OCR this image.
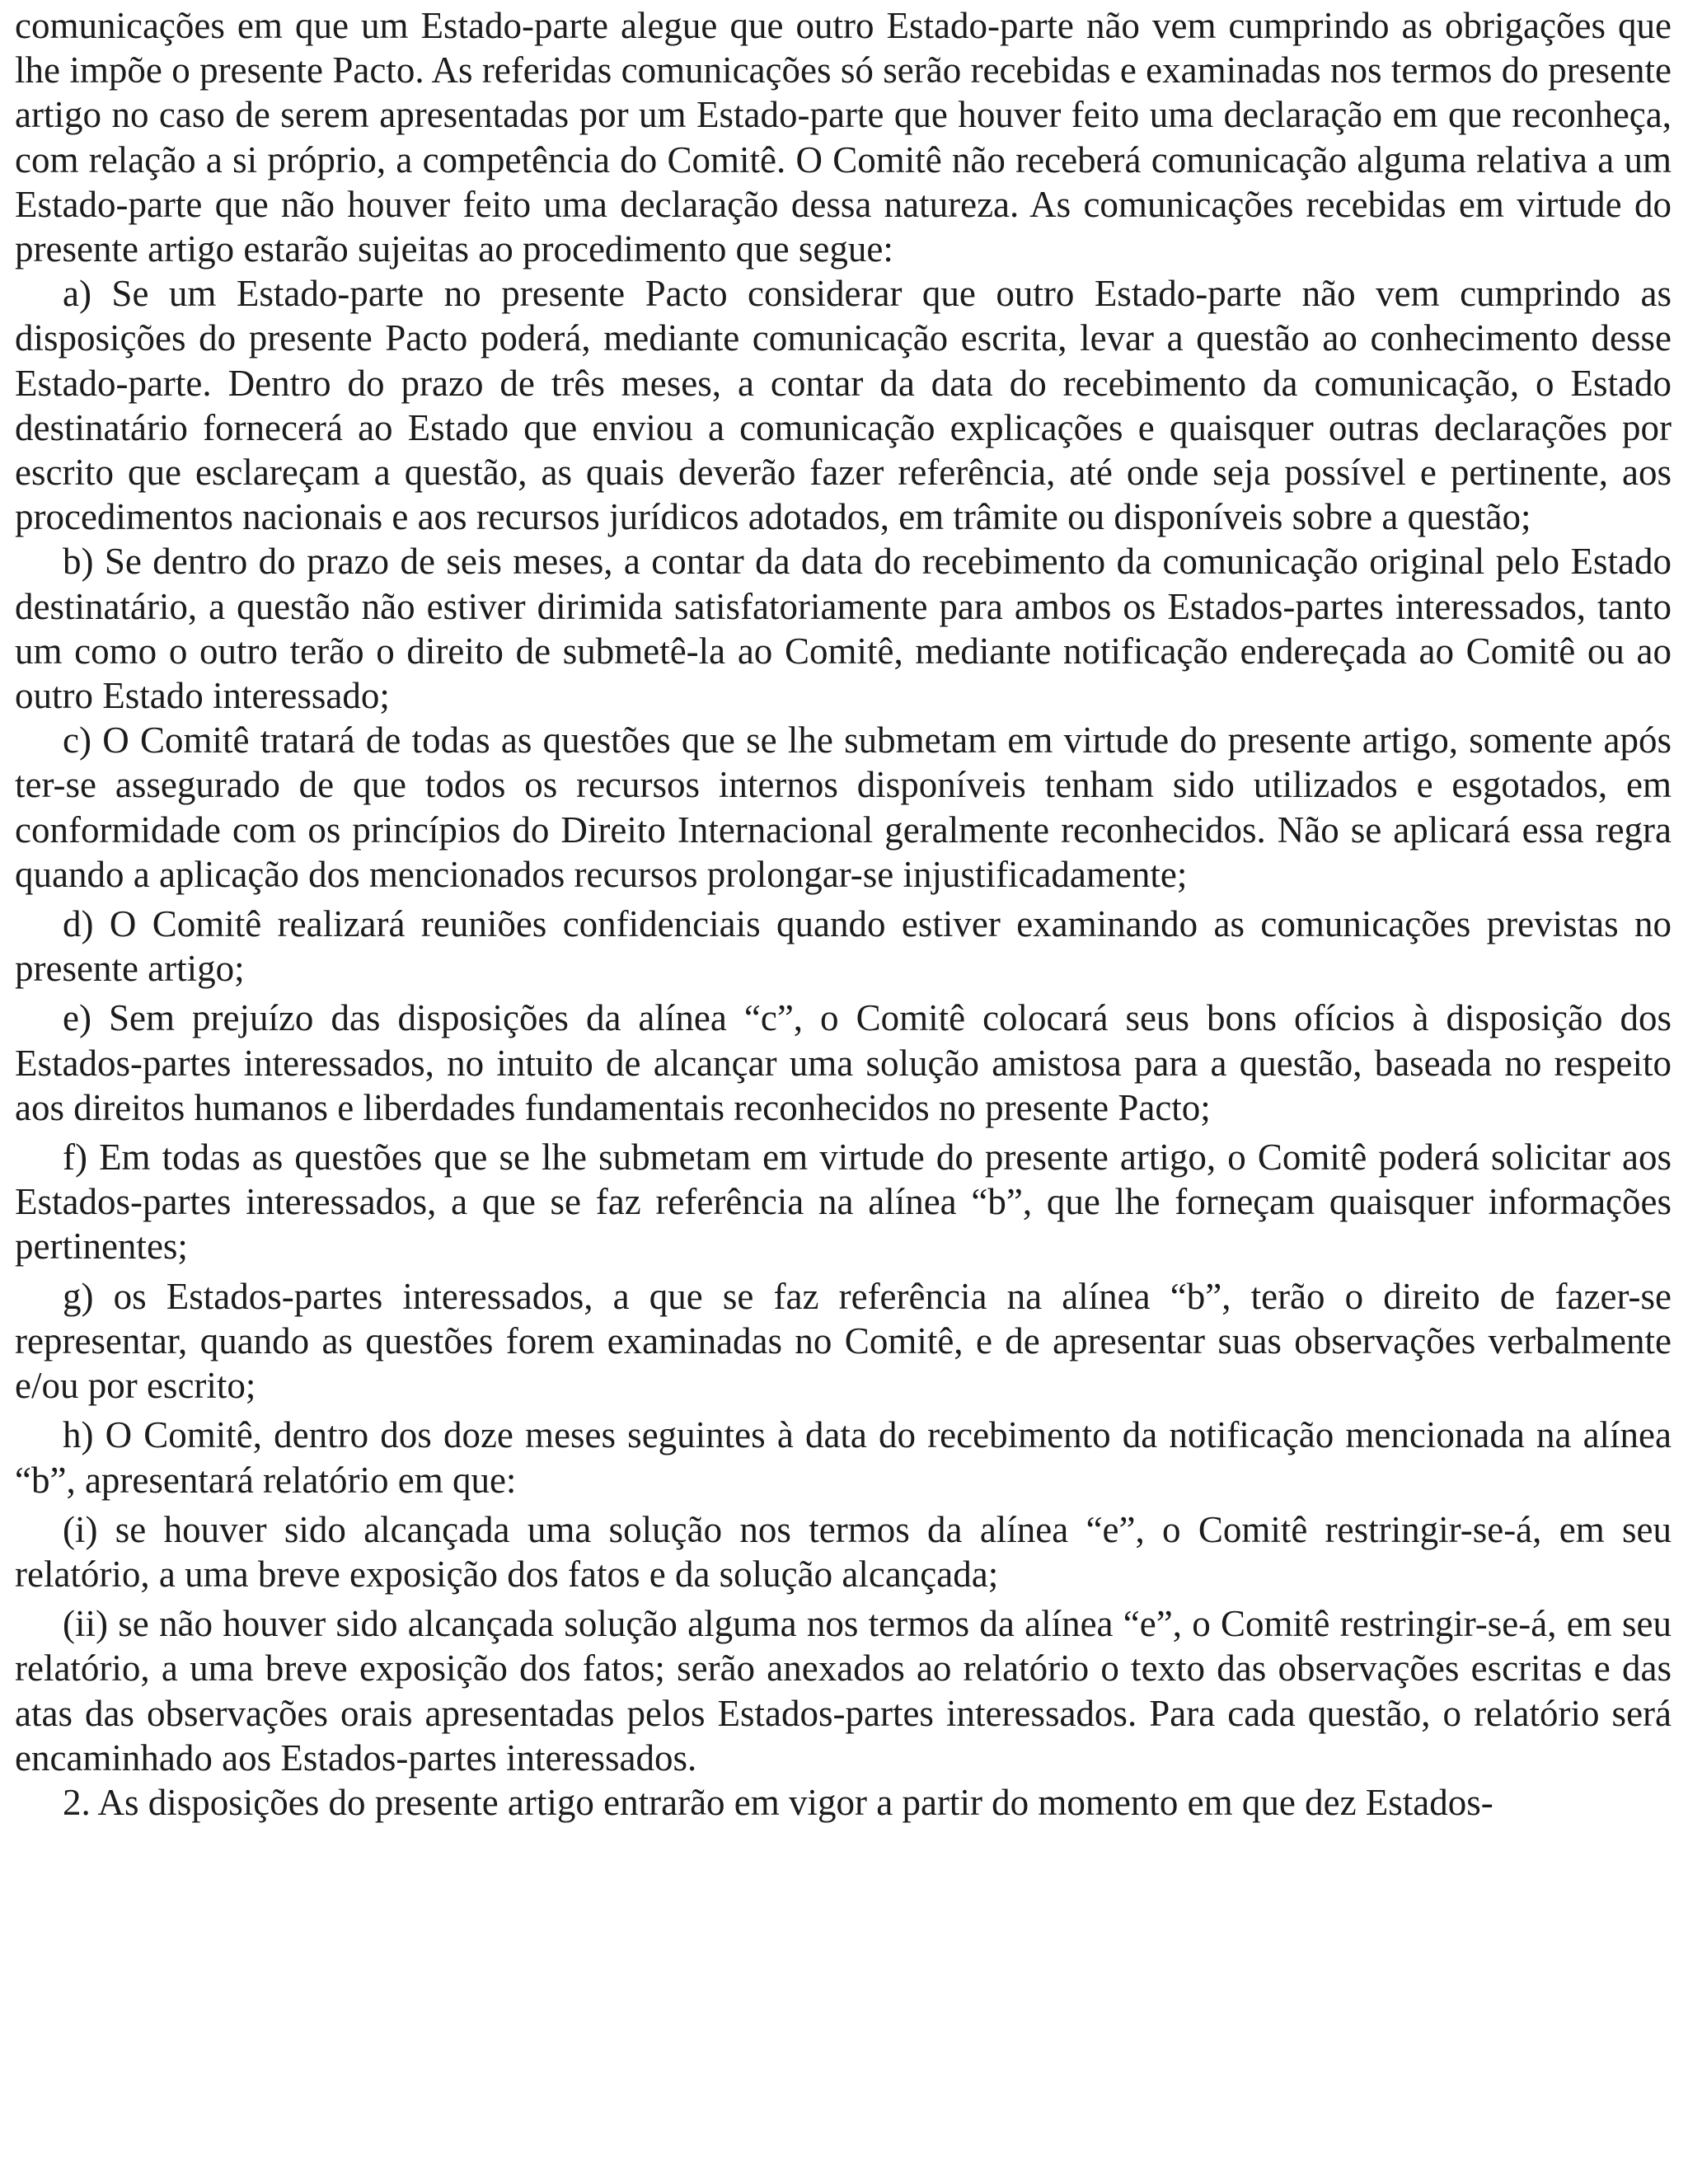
comunicações em que um Estado-parte alegue que outro Estado-parte não vem cumprindo as obrigações que lhe impõe o presente Pacto. As referidas comunicações só serão recebidas e examinadas nos termos do presente artigo no caso de serem apresentadas por um Estado-parte que houver feito uma declaração em que reconheça, com relação a si próprio, a competência do Comitê. O Comitê não receberá comunicação alguma relativa a um Estado-parte que não houver feito uma declaração dessa natureza. As comunicações recebidas em virtude do presente artigo estarão sujeitas ao procedimento que segue:

a) Se um Estado-parte no presente Pacto considerar que outro Estado-parte não vem cumprindo as disposições do presente Pacto poderá, mediante comunicação escrita, levar a questão ao conhecimento desse Estado-parte. Dentro do prazo de três meses, a contar da data do recebimento da comunicação, o Estado destinatário fornecerá ao Estado que enviou a comunicação explicações e quaisquer outras declarações por escrito que esclareçam a questão, as quais deverão fazer referência, até onde seja possível e pertinente, aos procedimentos nacionais e aos recursos jurídicos adotados, em trâmite ou disponíveis sobre a questão;

b) Se dentro do prazo de seis meses, a contar da data do recebimento da comunicação original pelo Estado destinatário, a questão não estiver dirimida satisfatoriamente para ambos os Estados-partes interessados, tanto um como o outro terão o direito de submetê-la ao Comitê, mediante notificação endereçada ao Comitê ou ao outro Estado interessado;

c) O Comitê tratará de todas as questões que se lhe submetam em virtude do presente artigo, somente após ter-se assegurado de que todos os recursos internos disponíveis tenham sido utilizados e esgotados, em conformidade com os princípios do Direito Internacional geralmente reconhecidos. Não se aplicará essa regra quando a aplicação dos mencionados recursos prolongar-se injustificadamente;

d) O Comitê realizará reuniões confidenciais quando estiver examinando as comunicações previstas no presente artigo;

e) Sem prejuízo das disposições da alínea “c”, o Comitê colocará seus bons ofícios à disposição dos Estados-partes interessados, no intuito de alcançar uma solução amistosa para a questão, baseada no respeito aos direitos humanos e liberdades fundamentais reconhecidos no presente Pacto;

f) Em todas as questões que se lhe submetam em virtude do presente artigo, o Comitê poderá solicitar aos Estados-partes interessados, a que se faz referência na alínea “b”, que lhe forneçam quaisquer informações pertinentes;

g) os Estados-partes interessados, a que se faz referência na alínea “b”, terão o direito de fazer-se representar, quando as questões forem examinadas no Comitê, e de apresentar suas observações verbalmente e/ou por escrito;

h) O Comitê, dentro dos doze meses seguintes à data do recebimento da notificação mencionada na alínea “b”, apresentará relatório em que:

(i) se houver sido alcançada uma solução nos termos da alínea “e”, o Comitê restringir-se-á, em seu relatório, a uma breve exposição dos fatos e da solução alcançada;

(ii) se não houver sido alcançada solução alguma nos termos da alínea “e”, o Comitê restringir-se-á, em seu relatório, a uma breve exposição dos fatos; serão anexados ao relatório o texto das observações escritas e das atas das observações orais apresentadas pelos Estados-partes interessados. Para cada questão, o relatório será encaminhado aos Estados-partes interessados.

2. As disposições do presente artigo entrarão em vigor a partir do momento em que dez Estados-
